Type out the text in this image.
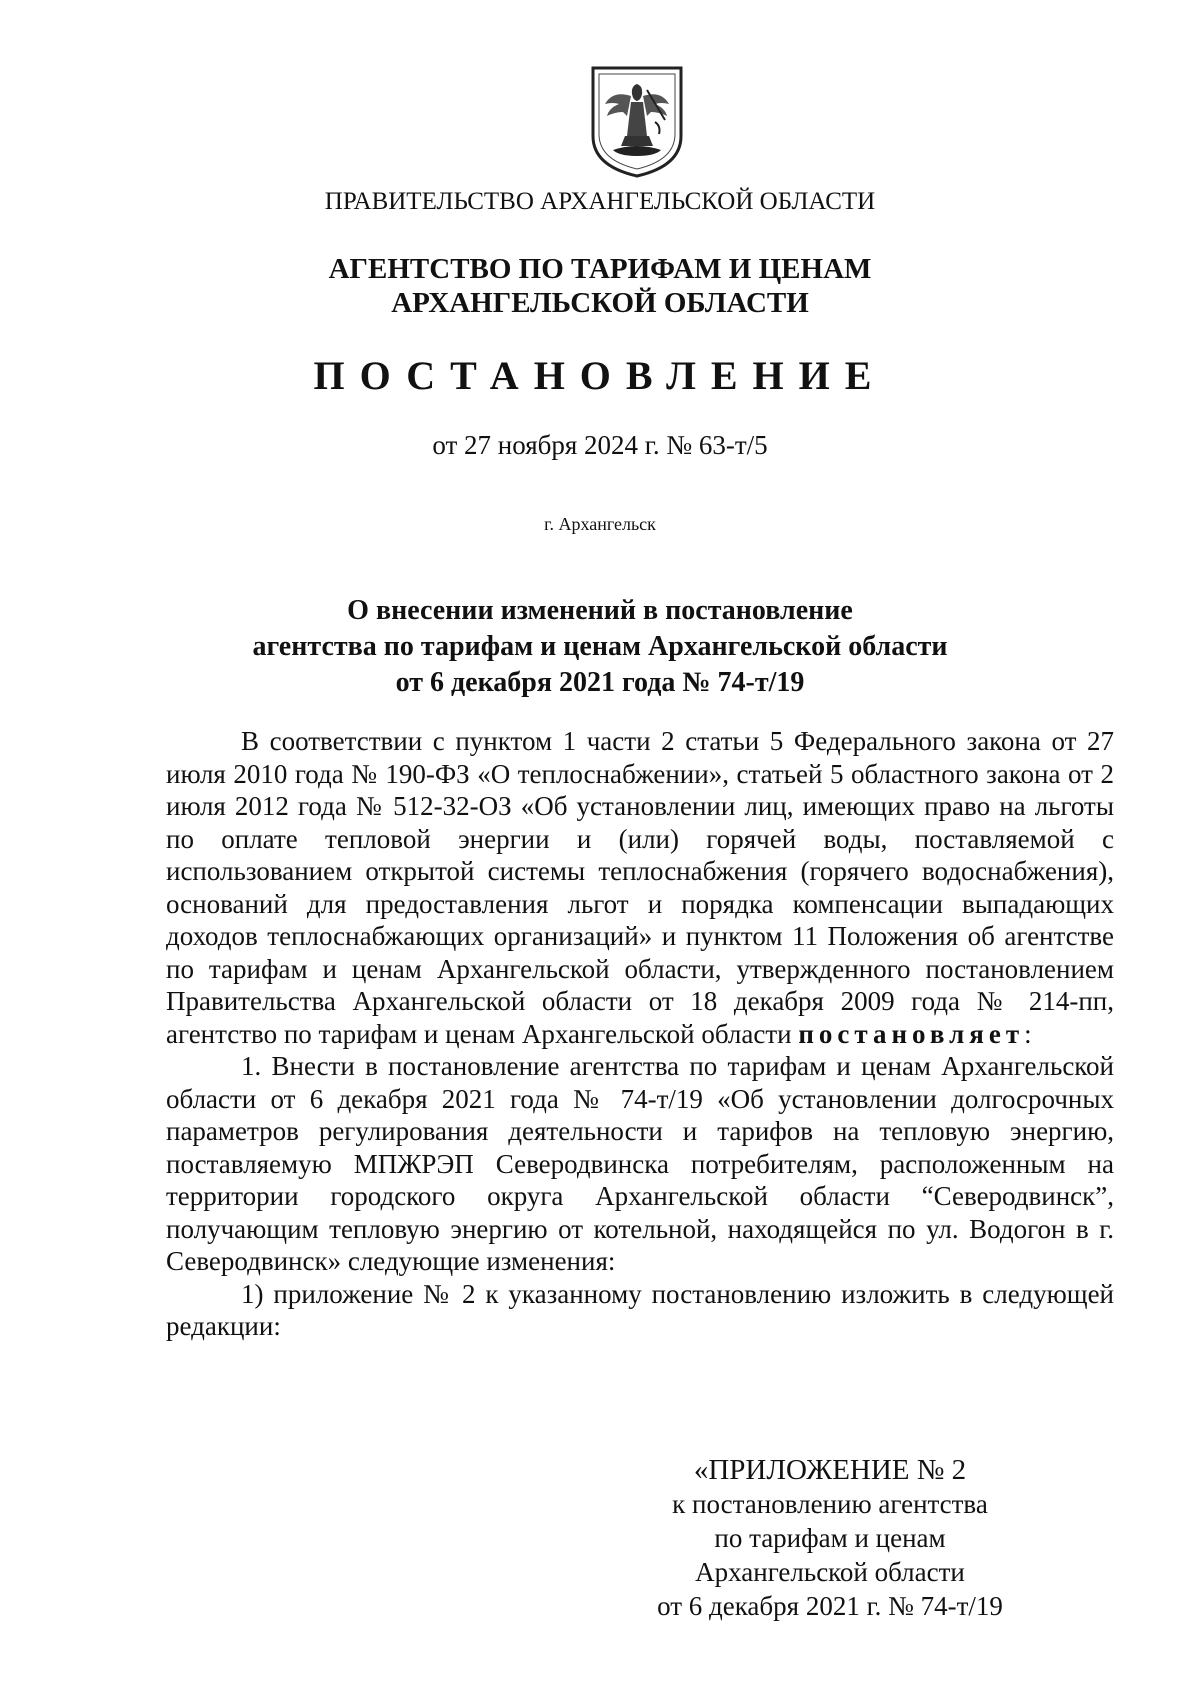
ПРАВИТЕЛЬСТВО АРХАНГЕЛЬСКОЙ ОБЛАСТИ
АГЕНТСТВО ПО ТАРИФАМ И ЦЕНАМ
АРХАНГЕЛЬСКОЙ ОБЛАСТИ
ПОСТАНОВЛЕНИЕ
от 27 ноября 2024 г. № 63-т/5
г. Архангельск
О внесении изменений в постановление
агентства по тарифам и ценам Архангельской области
от 6 декабря 2021 года № 74-т/19

В соответствии с пунктом 1 части 2 статьи 5 Федерального закона от 27 июля 2010 года № 190-ФЗ «О теплоснабжении», статьей 5 областного закона от 2 июля 2012 года № 512-32-ОЗ «Об установлении лиц, имеющих право на льготы по оплате тепловой энергии и (или) горячей воды, поставляемой с использованием открытой системы теплоснабжения (горячего водоснабжения), оснований для предоставления льгот и порядка компенсации выпадающих доходов теплоснабжающих организаций» и пунктом 11 Положения об агентстве по тарифам и ценам Архангельской области, утвержденного постановлением Правительства Архангельской области от 18 декабря 2009 года № 214-пп, агентство по тарифам и ценам Архангельской области постановляет:

1. Внести в постановление агентства по тарифам и ценам Архангельской области от 6 декабря 2021 года № 74-т/19 «Об установлении долгосрочных параметров регулирования деятельности и тарифов на тепловую энергию, поставляемую МПЖРЭП Северодвинска потребителям, расположенным на территории городского округа Архангельской области “Северодвинск”, получающим тепловую энергию от котельной, находящейся по ул. Водогон в г. Северодвинск» следующие изменения:

1) приложение № 2 к указанному постановлению изложить в следующей редакции:

«ПРИЛОЖЕНИЕ № 2
к постановлению агентства
по тарифам и ценам
Архангельской области
от 6 декабря 2021 г. № 74-т/19
